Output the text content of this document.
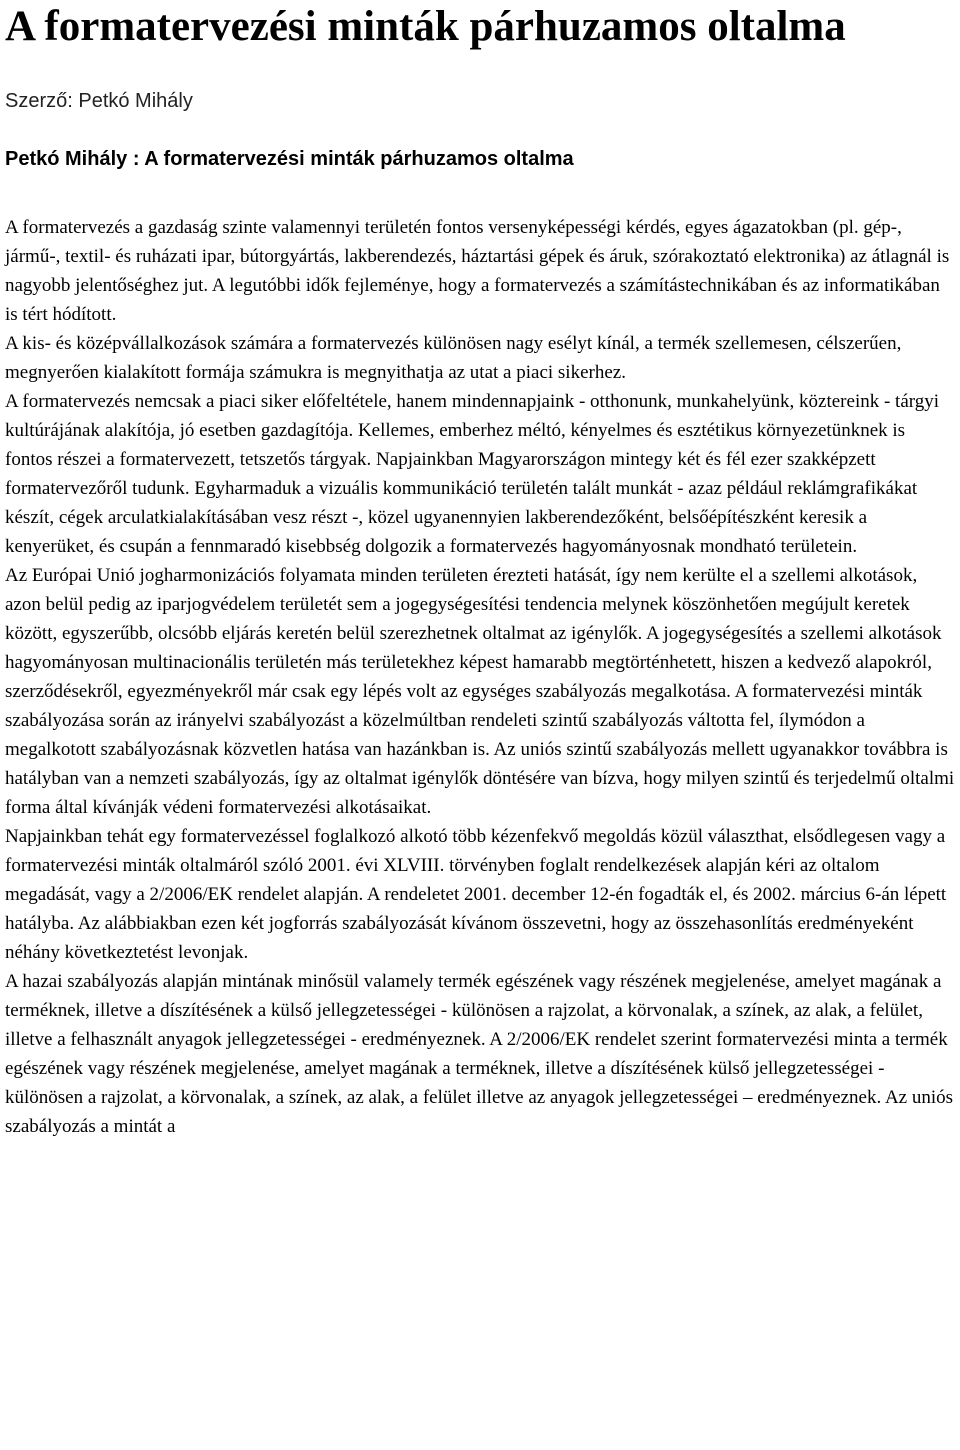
A formatervezési minták párhuzamos oltalma
Szerző: Petkó Mihály
Petkó Mihály : A formatervezési minták párhuzamos oltalma

A formatervezés a gazdaság szinte valamennyi területén fontos versenyképességi kérdés, egyes ágazatokban (pl. gép-, jármű-, textil- és ruházati ipar, bútorgyártás, lakberendezés, háztartási gépek és áruk, szórakoztató elektronika) az átlagnál is nagyobb jelentőséghez jut. A legutóbbi idők fejleménye, hogy a formatervezés a számítástechnikában és az informatikában is tért hódított.

A kis- és középvállalkozások számára a formatervezés különösen nagy esélyt kínál, a termék szellemesen, célszerűen, megnyerően kialakított formája számukra is megnyithatja az utat a piaci sikerhez.

A formatervezés nemcsak a piaci siker előfeltétele, hanem mindennapjaink - otthonunk, munkahelyünk, köztereink - tárgyi kultúrájának alakítója, jó esetben gazdagítója. Kellemes, emberhez méltó, kényelmes és esztétikus környezetünknek is fontos részei a formatervezett, tetszetős tárgyak. Napjainkban Magyarországon mintegy két és fél ezer szakképzett formatervezőről tudunk. Egyharmaduk a vizuális kommunikáció területén talált munkát - azaz például reklámgrafikákat készít, cégek arculatkialakításában vesz részt -, közel ugyanennyien lakberendezőként, belsőépítészként keresik a kenyerüket, és csupán a fennmaradó kisebbség dolgozik a formatervezés hagyományosnak mondható területein.

Az Európai Unió jogharmonizációs folyamata minden területen érezteti hatását, így nem kerülte el a szellemi alkotások, azon belül pedig az iparjogvédelem területét sem a jogegységesítési tendencia melynek köszönhetően megújult keretek között, egyszerűbb, olcsóbb eljárás keretén belül szerezhetnek oltalmat az igénylők. A jogegységesítés a szellemi alkotások hagyományosan multinacionális területén más területekhez képest hamarabb megtörténhetett, hiszen a kedvező alapokról, szerződésekről, egyezményekről már csak egy lépés volt az egységes szabályozás megalkotása. A formatervezési minták szabályozása során az irányelvi szabályozást a közelmúltban rendeleti szintű szabályozás váltotta fel, ílymódon a megalkotott szabályozásnak közvetlen hatása van hazánkban is. Az uniós szintű szabályozás mellett ugyanakkor továbbra is hatályban van a nemzeti szabályozás, így az oltalmat igénylők döntésére van bízva, hogy milyen szintű és terjedelmű oltalmi forma által kívánják védeni formatervezési alkotásaikat.

Napjainkban tehát egy formatervezéssel foglalkozó alkotó több kézenfekvő megoldás közül választhat, elsődlegesen vagy a formatervezési minták oltalmáról szóló 2001. évi XLVIII. törvényben foglalt rendelkezések alapján kéri az oltalom megadását, vagy a 2/2006/EK rendelet alapján. A rendeletet 2001. december 12-én fogadták el, és 2002. március 6-án lépett hatályba. Az alábbiakban ezen két jogforrás szabályozását kívánom összevetni, hogy az összehasonlítás eredményeként néhány következtetést levonjak.

A hazai szabályozás alapján mintának minősül valamely termék egészének vagy részének megjelenése, amelyet magának a terméknek, illetve a díszítésének a külső jellegzetességei - különösen a rajzolat, a körvonalak, a színek, az alak, a felület, illetve a felhasznált anyagok jellegzetességei - eredményeznek. A 2/2006/EK rendelet szerint formatervezési minta a termék egészének vagy részének megjelenése, amelyet magának a terméknek, illetve a díszítésének külső jellegzetességei - különösen a rajzolat, a körvonalak, a színek, az alak, a felület illetve az anyagok jellegzetességei – eredményeznek. Az uniós szabályozás a mintát a
